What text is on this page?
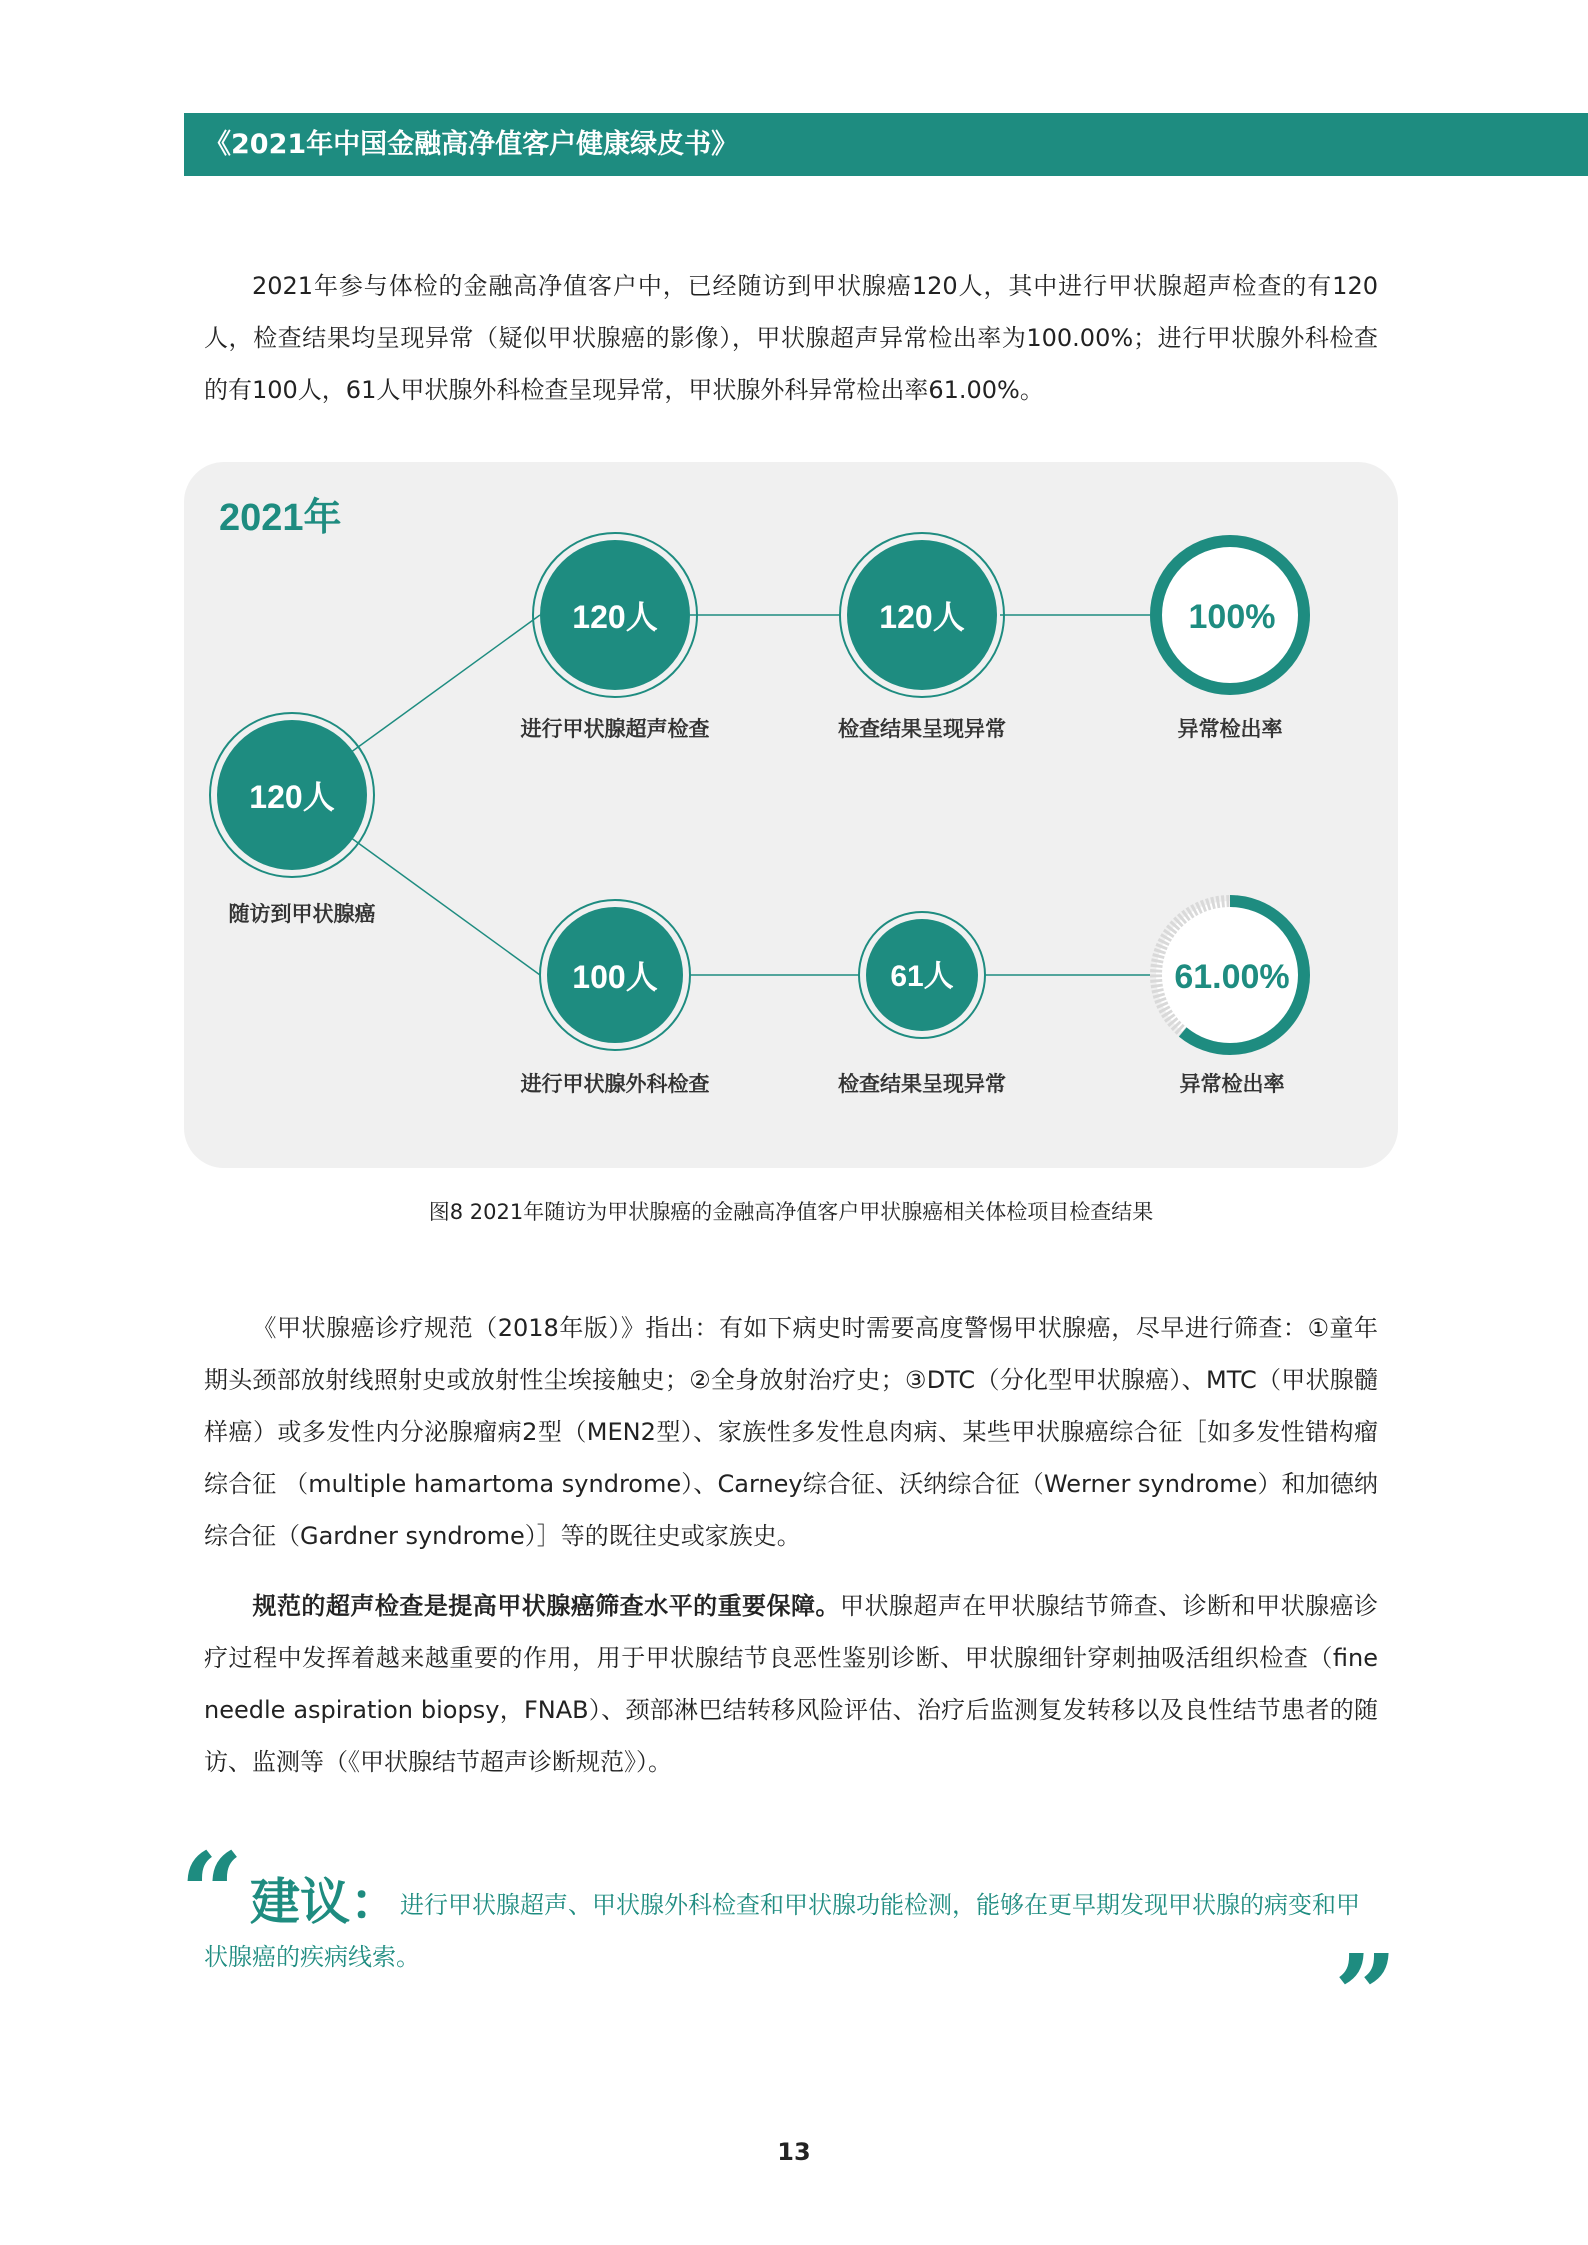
《2021年中国金融高净值客户健康绿皮书》
2021年参与体检的金融高净值客户中，已经随访到甲状腺癌120人，其中进行甲状腺超声检查的有120人，检查结果均呈现异常（疑似甲状腺癌的影像），甲状腺超声异常检出率为100.00%；进行甲状腺外科检查的有100人，61人甲状腺外科检查呈现异常，甲状腺外科异常检出率61.00%。
2021年
120人
120人	120人	100%
100人	61人	61.00%
进行甲状腺超声检查	检查结果呈现异常	异常检出率
随访到甲状腺癌
进行甲状腺外科检查	检查结果呈现异常	异常检出率
图8 2021年随访为甲状腺癌的金融高净值客户甲状腺癌相关体检项目检查结果
《甲状腺癌诊疗规范（2018年版）》指出：有如下病史时需要高度警惕甲状腺癌，尽早进行筛查：①童年期头颈部放射线照射史或放射性尘埃接触史；②全身放射治疗史；③DTC（分化型甲状腺癌）、MTC（甲状腺髓样癌）或多发性内分泌腺瘤病2型（MEN2型）、家族性多发性息肉病、某些甲状腺癌综合征［如多发性错构瘤综合征 （multiple hamartoma syndrome）、Carney综合征、沃纳综合征（Werner syndrome）和加德纳综合征（Gardner syndrome）］等的既往史或家族史。
规范的超声检查是提高甲状腺癌筛查水平的重要保障。甲状腺超声在甲状腺结节筛查、诊断和甲状腺癌诊疗过程中发挥着越来越重要的作用，用于甲状腺结节良恶性鉴别诊断、甲状腺细针穿刺抽吸活组织检查（fine needle aspiration biopsy，FNAB）、颈部淋巴结转移风险评估、治疗后监测复发转移以及良性结节患者的随访、监测等（《甲状腺结节超声诊断规范》）。
“ 建议：进行甲状腺超声、甲状腺外科检查和甲状腺功能检测，能够在更早期发现甲状腺的病变和甲状腺癌的疾病线索。	”
13
